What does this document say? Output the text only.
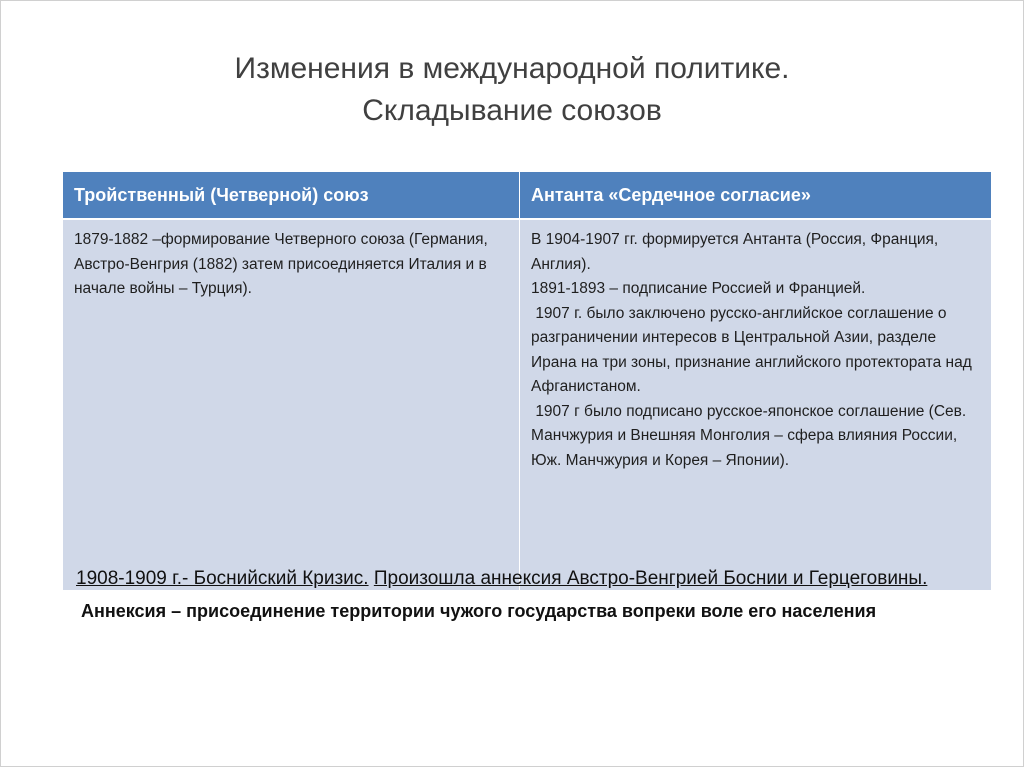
Изменения в международной политике.
Складывание союзов
Тройственный (Четверной) союз	Антанта «Сердечное согласие»

1879-1882 –формирование Четверного союза (Германия, Австро-Венгрия (1882) затем присоединяется Италия и в начале войны – Турция).

В 1904-1907 гг. формируется Антанта (Россия, Франция, Англия).

1891-1893 – подписание Россией и Францией.

1907 г. было заключено русско-английское соглашение о разграничении интересов в Центральной Азии, разделе Ирана на три зоны, признание английского протектората над Афганистаном.

1907 г было подписано русское-японское соглашение (Сев. Манчжурия и Внешняя Монголия – сфера влияния России, Юж. Манчжурия и Корея – Японии).

1908-1909 г.- Боснийский Кризис. Произошла аннексия Австро-Венгрией Боснии и Герцеговины.
Аннексия – присоединение территории чужого государства вопреки воле его населения
